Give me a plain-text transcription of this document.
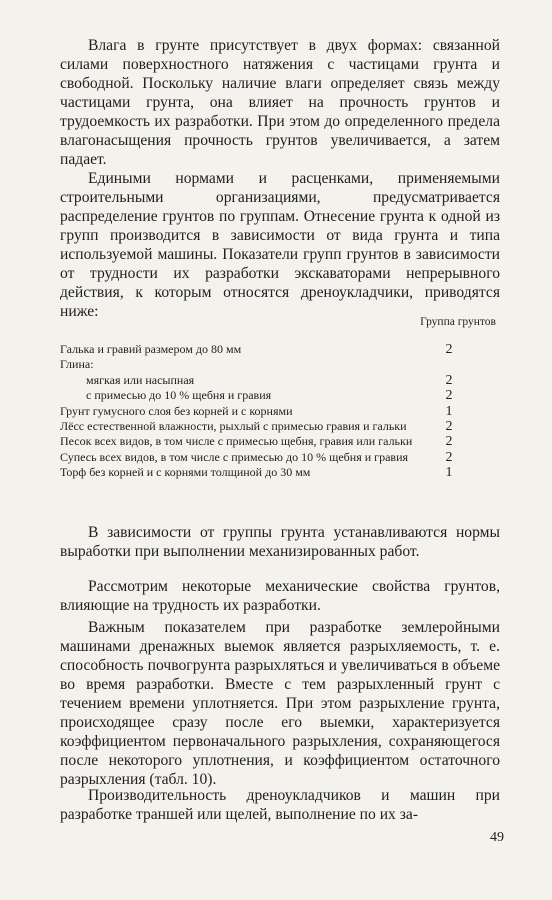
Влага в грунте присутствует в двух формах: связанной силами поверхностного натяжения с частицами грунта и свободной. Поскольку наличие влаги определяет связь между частицами грунта, она влияет на прочность грунтов и трудоемкость их разработки. При этом до определенного предела влагонасыщения прочность грунтов увеличивается, а затем падает.

Едиными нормами и расценками, применяемыми строительными организациями, предусматривается распределение грунтов по группам. Отнесение грунта к одной из групп производится в зависимости от вида грунта и типа используемой машины. Показатели групп грунтов в зависимости от трудности их разработки экскаваторами непрерывного действия, к которым относятся дреноукладчики, приводятся ниже:

Группа грунтов
Галька и гравий размером до 80 мм	2
Глина:
мягкая или насыпная	2
с примесью до 10 % щебня и гравия	2
Грунт гумусного слоя без корней и с корнями	1
Лёсс естественной влажности, рыхлый с примесью гравия и гальки	2
Песок всех видов, в том числе с примесью щебня, гравия или гальки	2
Супесь всех видов, в том числе с примесью до 10 % щебня и гравия	2
Торф без корней и с корнями толщиной до 30 мм	1

В зависимости от группы грунта устанавливаются нормы выработки при выполнении механизированных работ.

Рассмотрим некоторые механические свойства грунтов, влияющие на трудность их разработки.

Важным показателем при разработке землеройными машинами дренажных выемок является разрыхляемость, т. е. способность почвогрунта разрыхляться и увеличиваться в объеме во время разработки. Вместе с тем разрыхленный грунт с течением времени уплотняется. При этом разрыхление грунта, происходящее сразу после его выемки, характеризуется коэффициентом первоначального разрыхления, сохраняющегося после некоторого уплотнения, и коэффициентом остаточного разрыхления (табл. 10).

Производительность дреноукладчиков и машин при разработке траншей или щелей, выполнение по их за-

49
